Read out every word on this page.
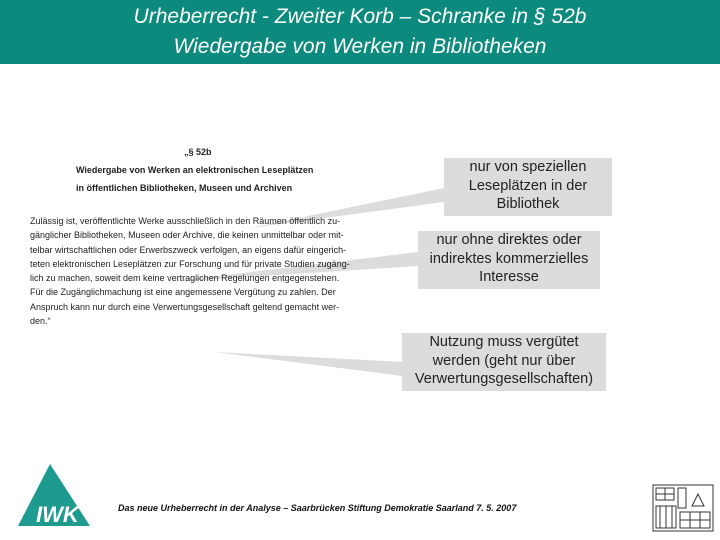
Urheberrecht - Zweiter Korb – Schranke in § 52b
Wiedergabe von Werken in Bibliotheken
„§ 52b
Wiedergabe von Werken an elektronischen Leseplätzen
in öffentlichen Bibliotheken, Museen und Archiven
Zulässig ist, veröffentlichte Werke ausschließlich in den Räumen öffentlich zu-
gänglicher Bibliotheken, Museen oder Archive, die keinen unmittelbar oder mit-
telbar wirtschaftlichen oder Erwerbszweck verfolgen, an eigens dafür eingerich-
teten elektronischen Leseplätzen zur Forschung und für private Studien zugäng-
lich zu machen, soweit dem keine vertraglichen Regelungen entgegenstehen.
Für die Zugänglichmachung ist eine angemessene Vergütung zu zahlen. Der
Anspruch kann nur durch eine Verwertungsgesellschaft geltend gemacht wer-
den.“
nur von speziellen
Leseplätzen in der
Bibliothek
nur ohne direktes oder
indirektes kommerzielles
Interesse
Nutzung muss vergütet
werden (geht nur über
Verwertungsgesellschaften)
IWK	Das neue Urheberrecht in der Analyse – Saarbrücken Stiftung Demokratie Saarland 7. 5. 2007
